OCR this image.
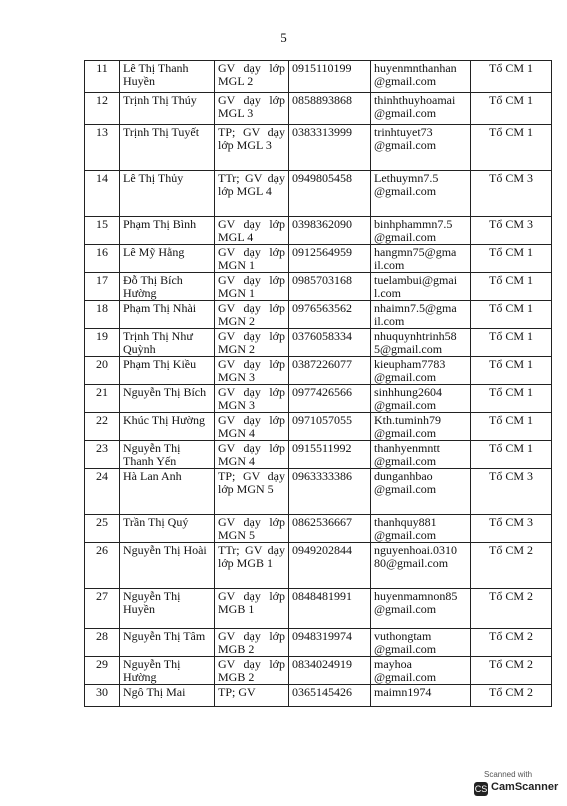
5
11	Lê Thị Thanh Huyền	GV dạy lớp MGL 2	0915110199	huyenmnthanhan @gmail.com	Tổ CM 1
12	Trịnh Thị Thúy	GV dạy lớp MGL 3	0858893868	thinhthuyhoamai @gmail.com	Tổ CM 1
13	Trịnh Thị Tuyết	TP; GV dạy lớp MGL 3	0383313999	trinhtuyet73 @gmail.com	Tổ CM 1
14	Lê Thị Thủy	TTr; GV dạy lớp MGL 4	0949805458	Lethuymn7.5 @gmail.com	Tổ CM 3
15	Phạm Thị Bình	GV dạy lớp MGL 4	0398362090	binhphammn7.5 @gmail.com	Tổ CM 3
16	Lê Mỹ Hằng	GV dạy lớp MGN 1	0912564959	hangmn75@gma il.com	Tổ CM 1
17	Đỗ Thị Bích Hường	GV dạy lớp MGN 1	0985703168	tuelambui@gmai l.com	Tổ CM 1
18	Phạm Thị Nhài	GV dạy lớp MGN 2	0976563562	nhaimn7.5@gma il.com	Tổ CM 1
19	Trịnh Thị Như Quỳnh	GV dạy lớp MGN 2	0376058334	nhuquynhtrinh58 5@gmail.com	Tổ CM 1
20	Phạm Thị Kiều	GV dạy lớp MGN 3	0387226077	kieupham7783 @gmail.com	Tổ CM 1
21	Nguyễn Thị Bích	GV dạy lớp MGN 3	0977426566	sinhhung2604 @gmail.com	Tổ CM 1
22	Khúc Thị Hường	GV dạy lớp MGN 4	0971057055	Kth.tuminh79 @gmail.com	Tổ CM 1
23	Nguyễn Thị Thanh Yến	GV dạy lớp MGN 4	0915511992	thanhyenmntt @gmail.com	Tổ CM 1
24	Hà Lan Anh	TP; GV dạy lớp MGN 5	0963333386	dunganhbao @gmail.com	Tổ CM 3
25	Trần Thị Quý	GV dạy lớp MGN 5	0862536667	thanhquy881 @gmail.com	Tổ CM 3
26	Nguyễn Thị Hoài	TTr; GV dạy lớp MGB 1	0949202844	nguyenhoai.0310 80@gmail.com	Tổ CM 2
27	Nguyễn Thị Huyền	GV dạy lớp MGB 1	0848481991	huyenmamnon85 @gmail.com	Tổ CM 2
28	Nguyễn Thị Tâm	GV dạy lớp MGB 2	0948319974	vuthongtam @gmail.com	Tổ CM 2
29	Nguyễn Thị Hường	GV dạy lớp MGB 2	0834024919	mayhoa @gmail.com	Tổ CM 2
30	Ngô Thị Mai	TP; GV	0365145426	maimn1974	Tổ CM 2
Scanned with
CS CamScanner
